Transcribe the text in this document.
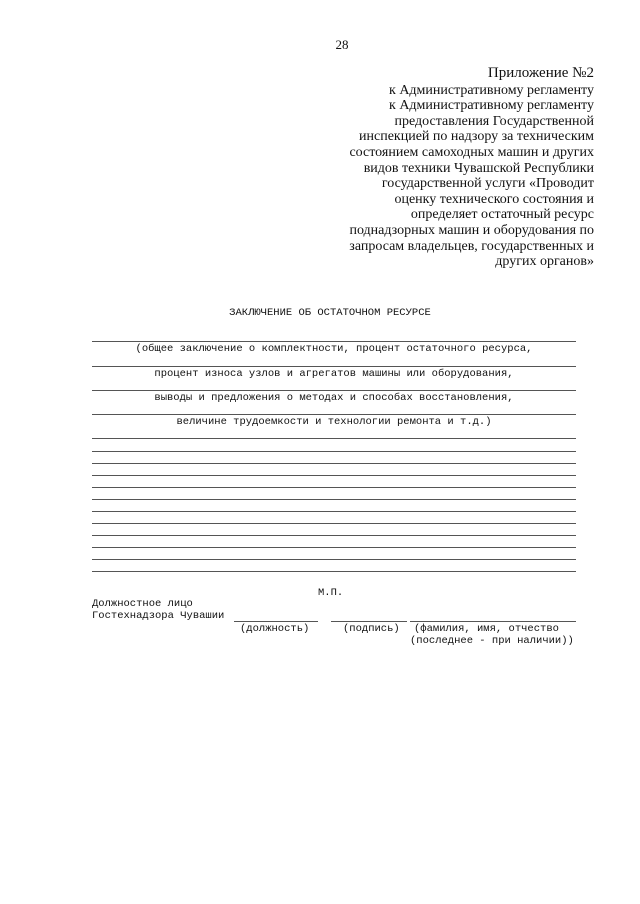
28
Приложение №2
к Административному регламенту
к Административному регламенту
предоставления Государственной
инспекцией по надзору за техническим
состоянием самоходных машин и других
видов техники Чувашской Республики
государственной услуги «Проводит
оценку технического состояния и
определяет остаточный ресурс
поднадзорных машин и оборудования по
запросам владельцев, государственных и
других органов»
ЗАКЛЮЧЕНИЕ ОБ ОСТАТОЧНОМ РЕСУРСЕ
(общее заключение о комплектности, процент остаточного ресурса,
процент износа узлов и агрегатов машины или оборудования,
выводы и предложения о методах и способах восстановления,
величине трудоемкости и технологии ремонта и т.д.)
М.П.
Должностное лицо
Гостехнадзора Чувашии
(должность)	(подпись) (фамилия, имя, отчество
(последнее - при наличии))
